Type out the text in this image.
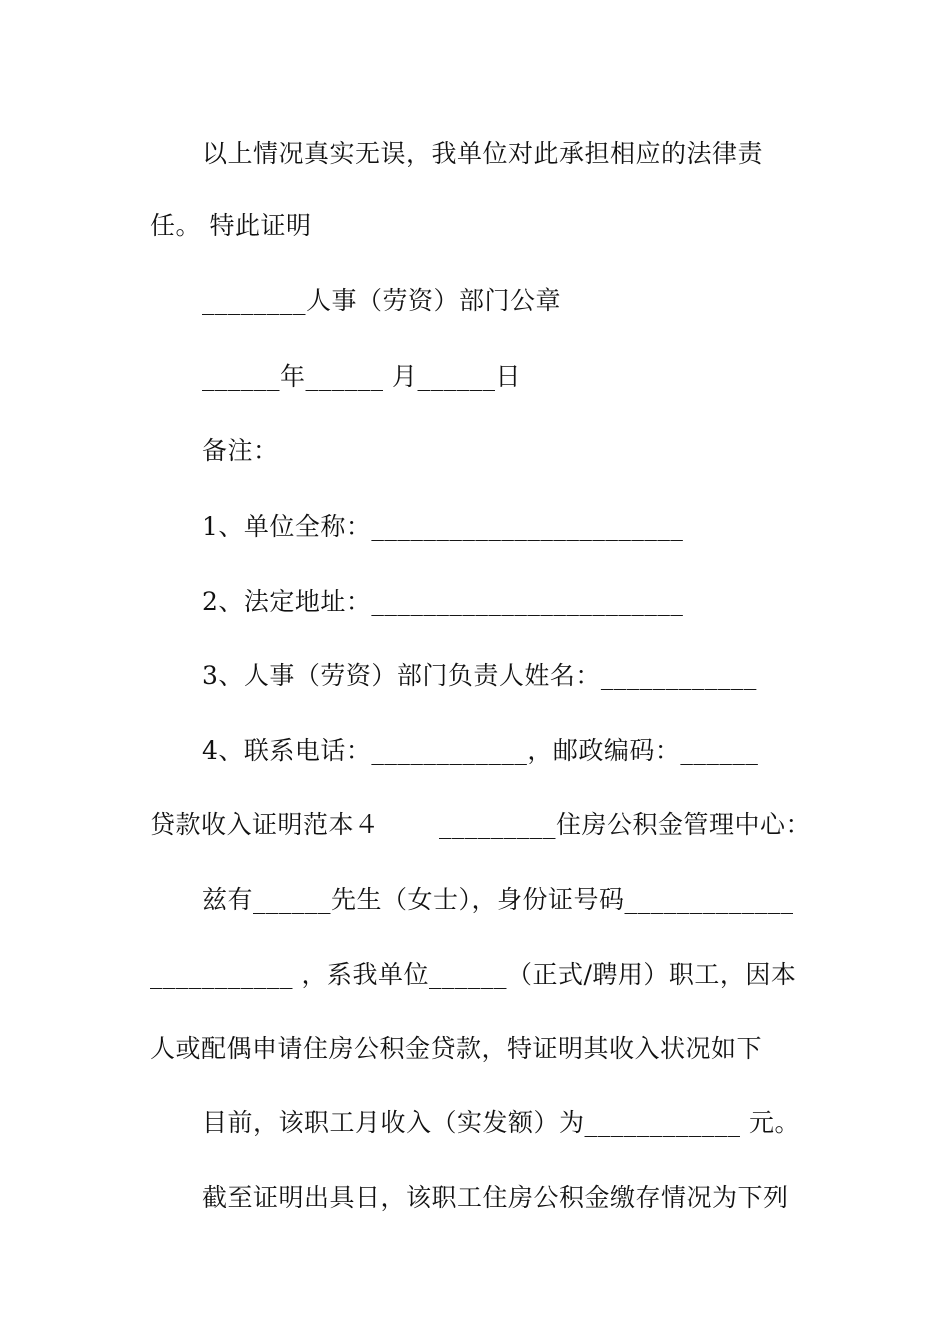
以上情况真实无误，我单位对此承担相应的法律责
任。 特此证明
________人事（劳资）部门公章
______年______ 月______日
备注：
1、单位全称：________________________
2、法定地址：________________________
3、人事（劳资）部门负责人姓名：____________
4、联系电话：____________，邮政编码：______
贷款收入证明范本４ 　　_________住房公积金管理中心：
兹有______先生（女士），身份证号码_____________
___________ ，系我单位______（正式/聘用）职工，因本
人或配偶申请住房公积金贷款，特证明其收入状况如下
目前，该职工月收入（实发额）为____________ 元。
截至证明出具日，该职工住房公积金缴存情况为下列
